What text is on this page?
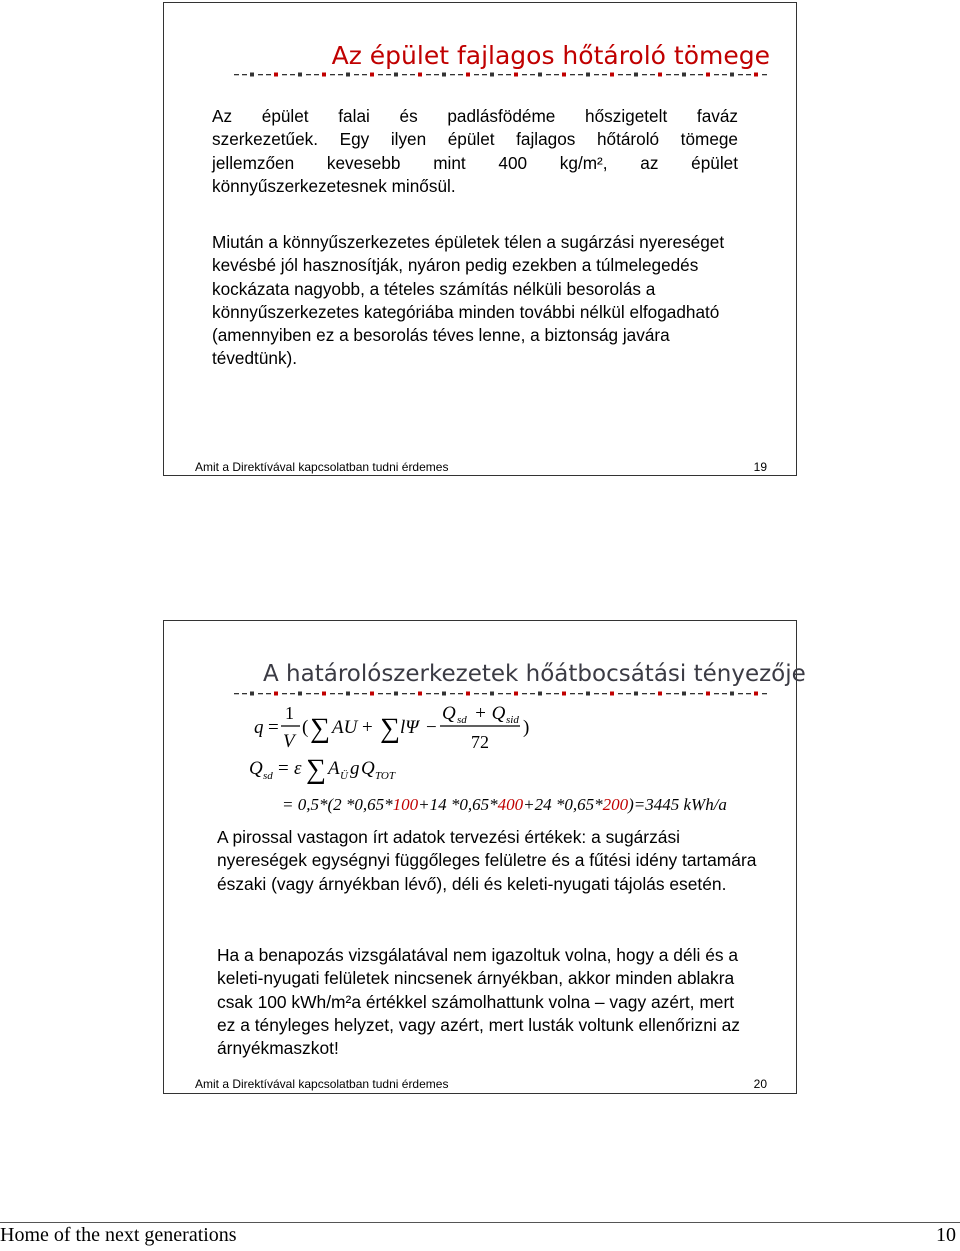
Az épület fajlagos hőtároló tömege
Az épület falai és padlásfödéme hőszigetelt faváz
szerkezetűek. Egy ilyen épület fajlagos hőtároló tömege
jellemzően kevesebb mint 400 kg/m², az épület
könnyűszerkezetesnek minősül.
Miután a könnyűszerkezetes épületek télen a sugárzási nyereséget kevésbé jól hasznosítják, nyáron pedig ezekben a túlmelegedés kockázata nagyobb, a tételes számítás nélküli besorolás a könnyűszerkezetes kategóriába minden további nélkül elfogadható (amennyiben ez a besorolás téves lenne, a biztonság javára tévedtünk).
Amit a Direktívával kapcsolatban tudni érdemes	19
A határolószerkezetek hőátbocsátási tényezője
q =
1
V
( ∑ AU + ∑ lΨ −
Q sd + Q sid
72
)
Q sd = ε ∑ A Ü g Q TOT
= 0,5*(2 *0,65*100+14 *0,65*400+24 *0,65*200)=3445 kWh/a
A pirossal vastagon írt adatok tervezési értékek: a sugárzási nyereségek egységnyi függőleges felületre és a fűtési idény tartamára északi (vagy árnyékban lévő), déli és keleti-nyugati tájolás esetén.
Ha a benapozás vizsgálatával nem igazoltuk volna, hogy a déli és a keleti-nyugati felületek nincsenek árnyékban, akkor minden ablakra csak 100 kWh/m²a értékkel számolhattunk volna – vagy azért, mert ez a tényleges helyzet, vagy azért, mert lusták voltunk ellenőrizni az árnyékmaszkot!
Amit a Direktívával kapcsolatban tudni érdemes	20
Home of the next generations	10
